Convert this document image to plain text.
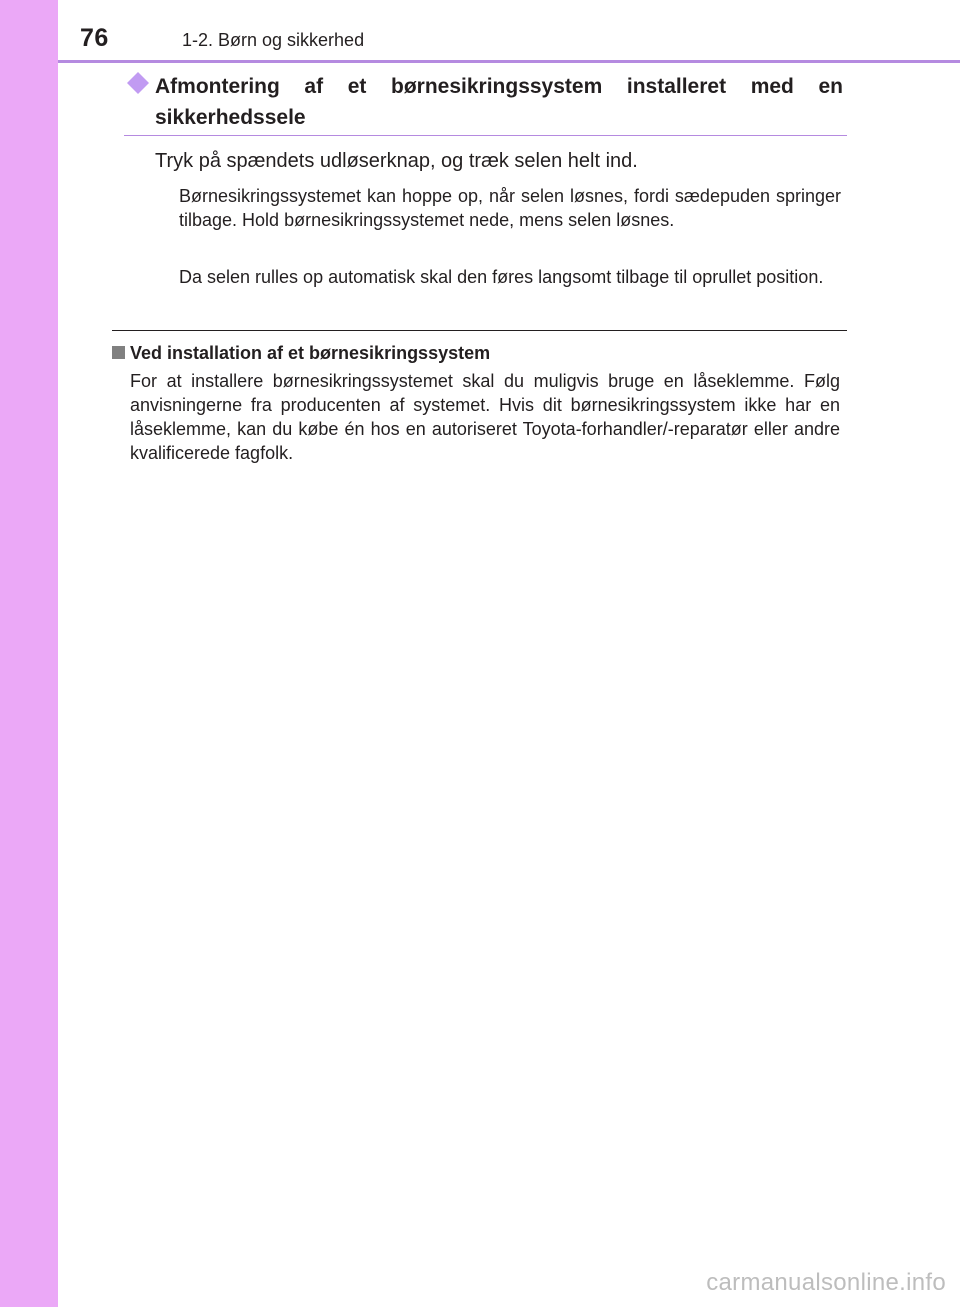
76	1-2. Børn og sikkerhed
Afmontering af et børnesikringssystem installeret med en sikkerhedssele

Tryk på spændets udløserknap, og træk selen helt ind.

Børnesikringssystemet kan hoppe op, når selen løsnes, fordi sædepuden springer tilbage. Hold børnesikringssystemet nede, mens selen løsnes.

Da selen rulles op automatisk skal den føres langsomt tilbage til oprullet position.

Ved installation af et børnesikringssystem

For at installere børnesikringssystemet skal du muligvis bruge en låseklemme. Følg anvisningerne fra producenten af systemet. Hvis dit børnesikringssystem ikke har en låseklemme, kan du købe én hos en autoriseret Toyota-forhandler/-reparatør eller andre kvalificerede fagfolk.

carmanualsonline.info
